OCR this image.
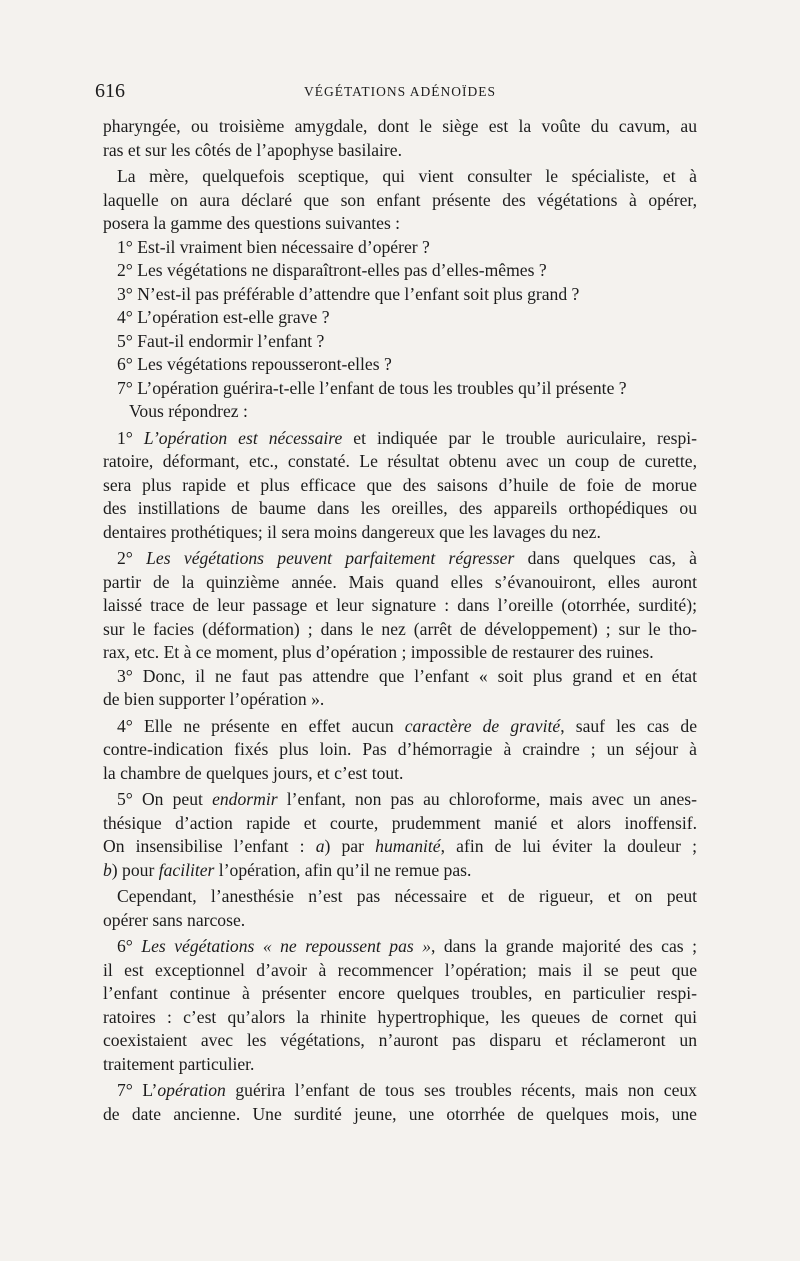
616	VÉGÉTATIONS ADÉNOÏDES
pharyngée, ou troisième amygdale, dont le siège est la voûte du cavum, au
ras et sur les côtés de l’apophyse basilaire.
La mère, quelquefois sceptique, qui vient consulter le spécialiste, et à
laquelle on aura déclaré que son enfant présente des végétations à opérer,
posera la gamme des questions suivantes :
1° Est-il vraiment bien nécessaire d’opérer ?
2° Les végétations ne disparaîtront-elles pas d’elles-mêmes ?
3° N’est-il pas préférable d’attendre que l’enfant soit plus grand ?
4° L’opération est-elle grave ?
5° Faut-il endormir l’enfant ?
6° Les végétations repousseront-elles ?
7° L’opération guérira-t-elle l’enfant de tous les troubles qu’il présente ?
Vous répondrez :
1° L’opération est nécessaire et indiquée par le trouble auriculaire, respi-
ratoire, déformant, etc., constaté. Le résultat obtenu avec un coup de curette,
sera plus rapide et plus efficace que des saisons d’huile de foie de morue
des instillations de baume dans les oreilles, des appareils orthopédiques ou
dentaires prothétiques; il sera moins dangereux que les lavages du nez.
2° Les végétations peuvent parfaitement régresser dans quelques cas, à
partir de la quinzième année. Mais quand elles s’évanouiront, elles auront
laissé trace de leur passage et leur signature : dans l’oreille (otorrhée, surdité);
sur le facies (déformation) ; dans le nez (arrêt de développement) ; sur le tho-
rax, etc. Et à ce moment, plus d’opération ; impossible de restaurer des ruines.
3° Donc, il ne faut pas attendre que l’enfant « soit plus grand et en état
de bien supporter l’opération ».
4° Elle ne présente en effet aucun caractère de gravité, sauf les cas de
contre-indication fixés plus loin. Pas d’hémorragie à craindre ; un séjour à
la chambre de quelques jours, et c’est tout.
5° On peut endormir l’enfant, non pas au chloroforme, mais avec un anes-
thésique d’action rapide et courte, prudemment manié et alors inoffensif.
On insensibilise l’enfant : a) par humanité, afin de lui éviter la douleur ;
b) pour faciliter l’opération, afin qu’il ne remue pas.
Cependant, l’anesthésie n’est pas nécessaire et de rigueur, et on peut
opérer sans narcose.
6° Les végétations « ne repoussent pas », dans la grande majorité des cas ;
il est exceptionnel d’avoir à recommencer l’opération; mais il se peut que
l’enfant continue à présenter encore quelques troubles, en particulier respi-
ratoires : c’est qu’alors la rhinite hypertrophique, les queues de cornet qui
coexistaient avec les végétations, n’auront pas disparu et réclameront un
traitement particulier.
7° L’opération guérira l’enfant de tous ses troubles récents, mais non ceux
de date ancienne. Une surdité jeune, une otorrhée de quelques mois, une
